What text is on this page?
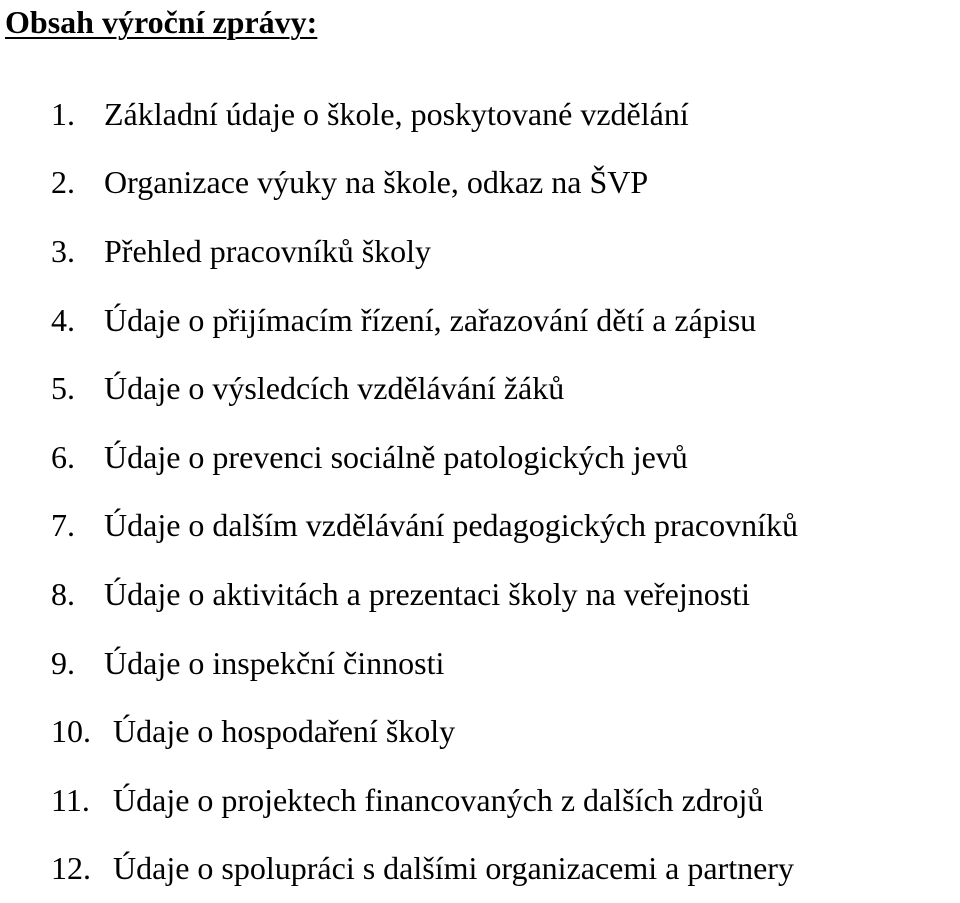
Obsah výroční zprávy:
1. Základní údaje o škole, poskytované vzdělání
2. Organizace výuky na škole, odkaz na ŠVP
3. Přehled pracovníků školy
4. Údaje o přijímacím řízení, zařazování dětí a zápisu
5. Údaje o výsledcích vzdělávání žáků
6. Údaje o prevenci sociálně patologických jevů
7. Údaje o dalším vzdělávání pedagogických pracovníků
8. Údaje o aktivitách a prezentaci školy na veřejnosti
9. Údaje o inspekční činnosti
10. Údaje o hospodaření školy
11. Údaje o projektech financovaných z dalších zdrojů
12. Údaje o spolupráci s dalšími organizacemi a partnery
